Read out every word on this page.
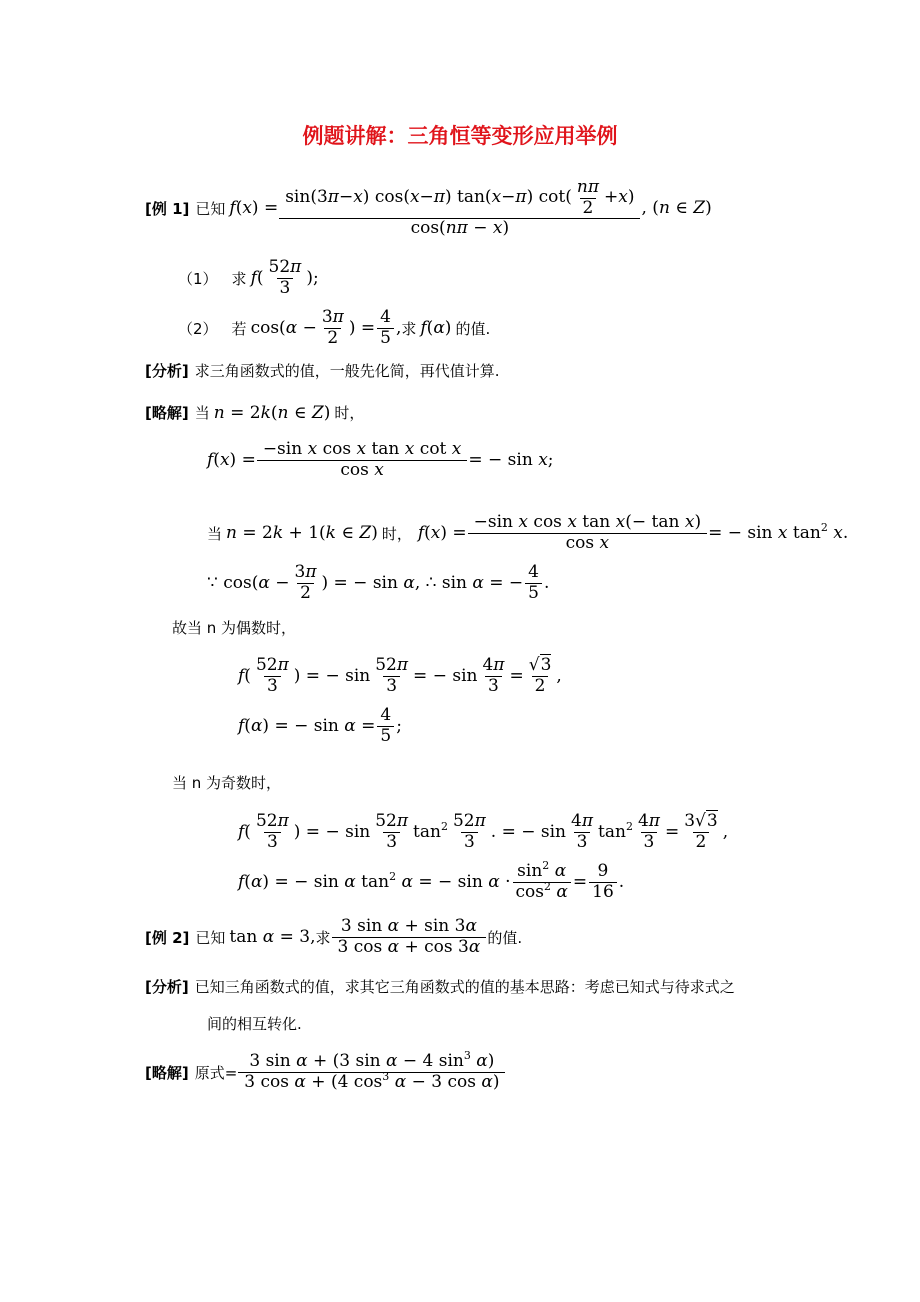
例题讲解：三角恒等变形应用举例
[例 1] 已知 $f(x) = \frac{\sin(3 \pi - x ) \cos( x - \pi ) \tan( x - \pi ) \cot( \frac{n\pi}{2} + x )}{\cos(n\pi - x)}$ , (n ∈ Z)
（1） 求 $f( \frac{52\pi}{3}$ );
（2） 若 $\cos(\alpha - \frac{3\pi}{2}$ ) = $\frac{4}{5}$ , 求 f(α) 的值.
[分析] 求三角函数式的值，一般先化简，再代值计算.
[略解] 当 n = 2k(n ∈ Z) 时，
$f(x) = \frac{\text{−sin x cos x tan x cot x}}{\text{cos x}}$ = − sin x;
当 n = 2k + 1(k ∈ Z) 时， $f(x) = \frac{\text{−sin x cos x tan x(− tan x)}}{\text{cos x}}$ = − sin x $\tan^2 x$.
∵ $\cos(\alpha - \frac{3\pi}{2}$ ) = − sin α, ∴ sin α = − $\frac{4}{5}$ .
故当 n 为偶数时，
$f( \frac{52\pi}{3}$ ) = − $\sin \frac{52\pi}{3}$ = − $\sin \frac{4\pi}{3} = \frac{√3}{2}$ ,
f(α) = − $\sin \alpha = \frac{4}{5}$ ;
当 n 为奇数时，
$f( \frac{52\pi}{3}$ ) = − $\sin \frac{52\pi}{3} \tan^2 \frac{52\pi}{3}$ . = − $\sin \frac{4\pi}{3} \tan^2 \frac{4\pi}{3} = \frac{3√3}{2}$ ,
f(α) = − sin α $\tan^2 \alpha$ = − $\sin \alpha \cdot \frac{\sin^2 \alpha}{\cos^2 \alpha} = \frac{9}{16}$ .
[例 2] 已知 tan α = 3, 求 $\frac{\text{3 sin α + sin 3α}}{\text{3 cos α + cos 3α}}$ 的值.
[分析] 已知三角函数式的值，求其它三角函数式的值的基本思路：考虑已知式与待求式之
间的相互转化.
[略解] 原式= $\frac{3 \sin \alpha + (3 \sin \alpha - 4 \sin^3 \alpha)}{3 \cos \alpha + (4 \cos^3 \alpha - 3 \cos \alpha)}$
